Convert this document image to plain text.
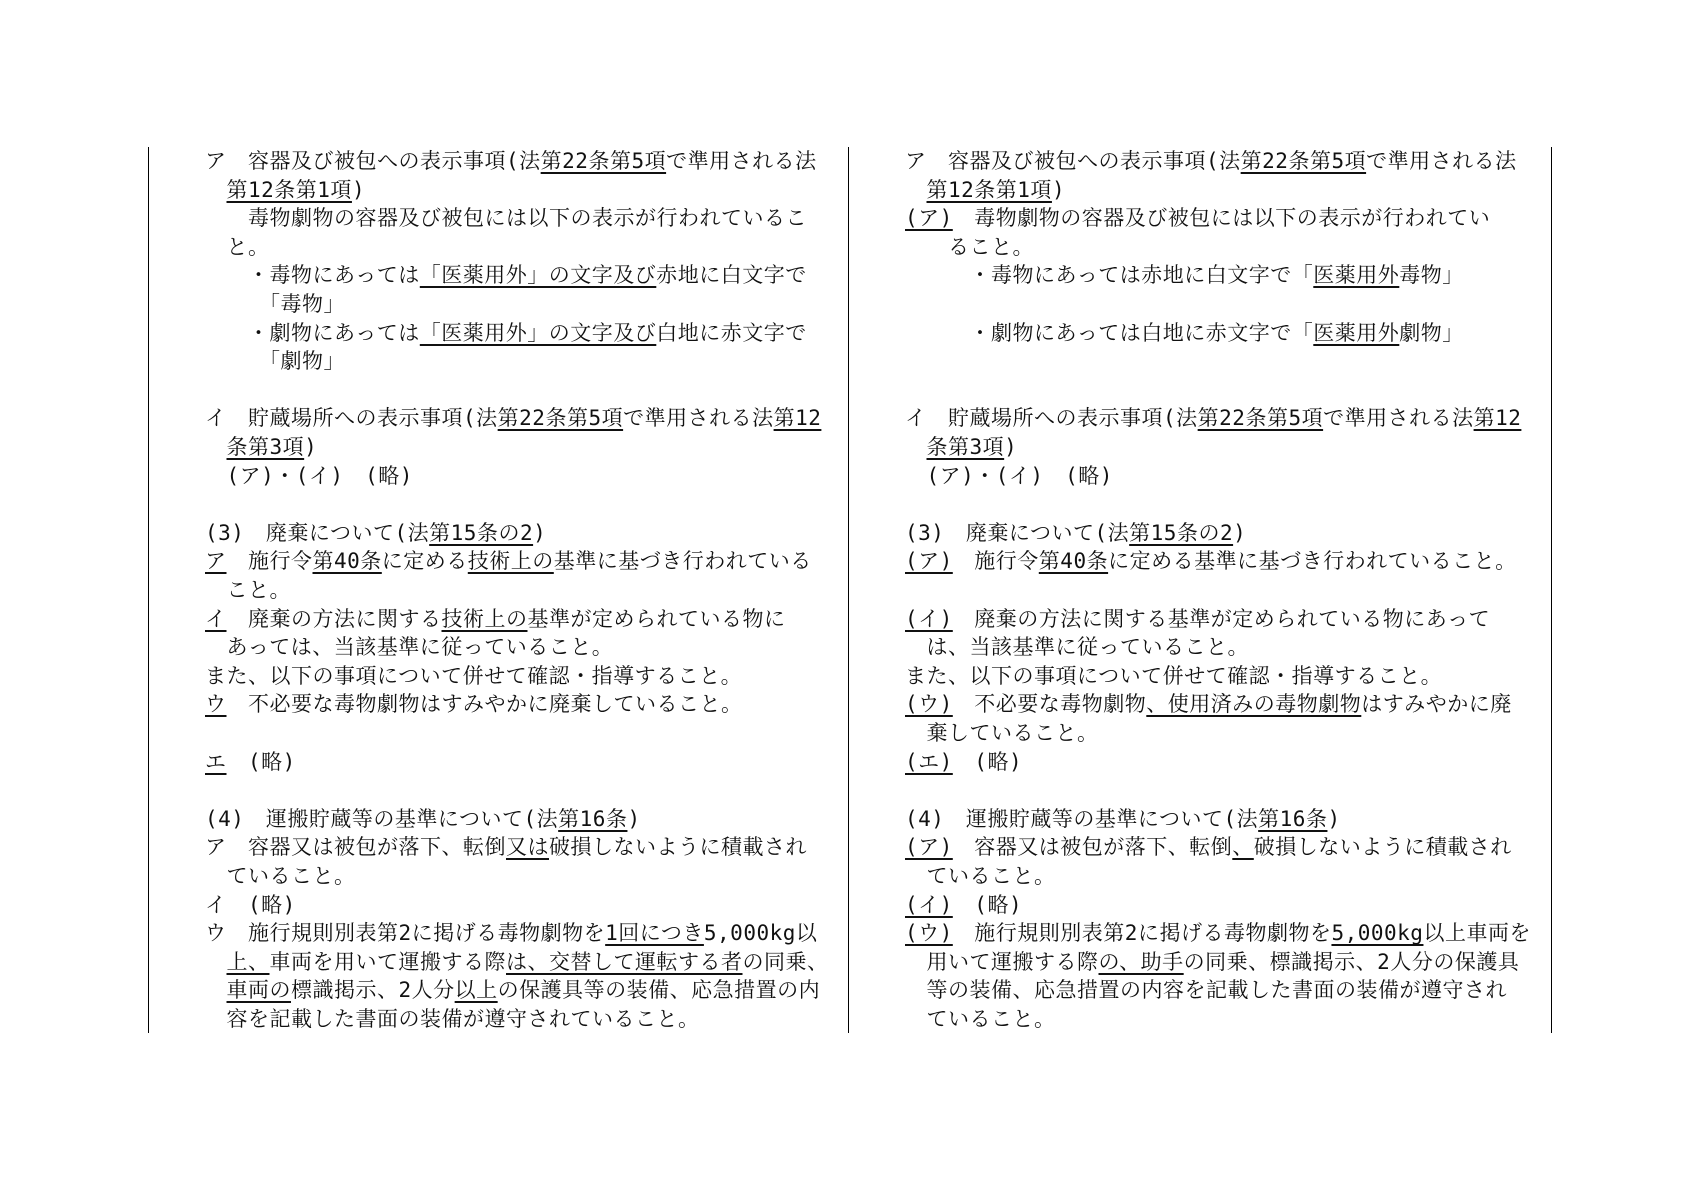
ア　容器及び被包への表示事項(法第22条第5項で準用される法
　第12条第1項)
　　毒物劇物の容器及び被包には以下の表示が行われているこ
　と。
　　・毒物にあっては「医薬用外」の文字及び赤地に白文字で
　　　「毒物」
　　・劇物にあっては「医薬用外」の文字及び白地に赤文字で
　　　「劇物」
イ　貯蔵場所への表示事項(法第22条第5項で準用される法第12
　条第3項)
　(ア)・(イ)　(略)
(3)　廃棄について(法第15条の2)
ア　施行令第40条に定める技術上の基準に基づき行われている
　こと。
イ　廃棄の方法に関する技術上の基準が定められている物に
　あっては、当該基準に従っていること。
また、以下の事項について併せて確認・指導すること。
ウ　不必要な毒物劇物はすみやかに廃棄していること。
エ　(略)
(4)　運搬貯蔵等の基準について(法第16条)
ア　容器又は被包が落下、転倒又は破損しないように積載され
　ていること。
イ　(略)
ウ　施行規則別表第2に掲げる毒物劇物を1回につき5,000kg以
　上、車両を用いて運搬する際は、交替して運転する者の同乗、
　車両の標識掲示、2人分以上の保護具等の装備、応急措置の内
　容を記載した書面の装備が遵守されていること。
ア　容器及び被包への表示事項(法第22条第5項で準用される法
　第12条第1項)
(ア)　毒物劇物の容器及び被包には以下の表示が行われてい
　　ること。
　　　・毒物にあっては赤地に白文字で「医薬用外毒物」
　　　・劇物にあっては白地に赤文字で「医薬用外劇物」
イ　貯蔵場所への表示事項(法第22条第5項で準用される法第12
　条第3項)
　(ア)・(イ)　(略)
(3)　廃棄について(法第15条の2)
(ア)　施行令第40条に定める基準に基づき行われていること。
(イ)　廃棄の方法に関する基準が定められている物にあって
　は、当該基準に従っていること。
また、以下の事項について併せて確認・指導すること。
(ウ)　不必要な毒物劇物、使用済みの毒物劇物はすみやかに廃
　棄していること。
(エ)　(略)
(4)　運搬貯蔵等の基準について(法第16条)
(ア)　容器又は被包が落下、転倒、破損しないように積載され
　ていること。
(イ)　(略)
(ウ)　施行規則別表第2に掲げる毒物劇物を5,000kg以上車両を
　用いて運搬する際の、助手の同乗、標識掲示、2人分の保護具
　等の装備、応急措置の内容を記載した書面の装備が遵守され
　ていること。
